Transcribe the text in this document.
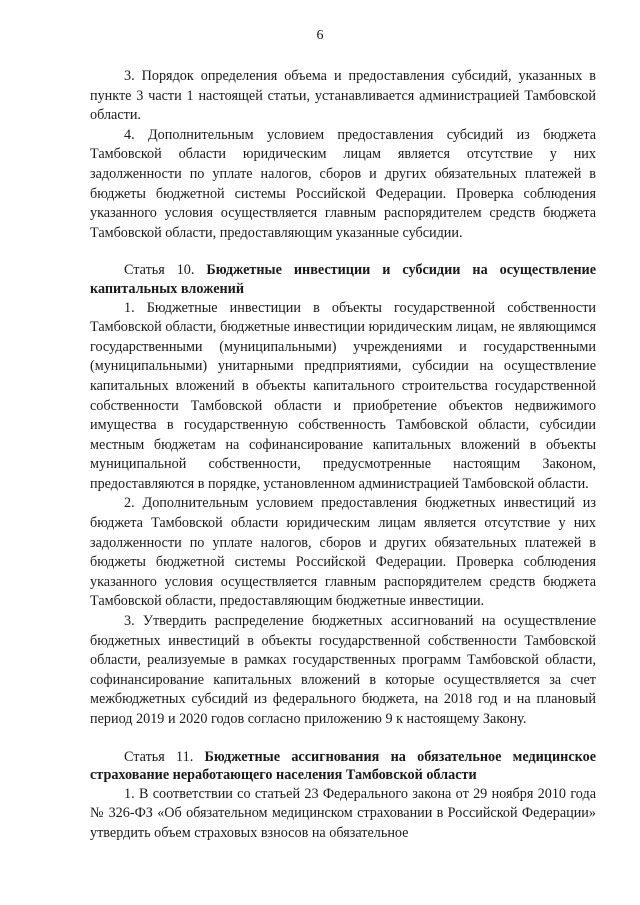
6

3. Порядок определения объема и предоставления субсидий, указанных в пункте 3 части 1 настоящей статьи, устанавливается администрацией Тамбовской области.

4. Дополнительным условием предоставления субсидий из бюджета Тамбовской области юридическим лицам является отсутствие у них задолженности по уплате налогов, сборов и других обязательных платежей в бюджеты бюджетной системы Российской Федерации. Проверка соблюдения указанного условия осуществляется главным распорядителем средств бюджета Тамбовской области, предоставляющим указанные субсидии.

Статья 10. Бюджетные инвестиции и субсидии на осуществление капитальных вложений

1. Бюджетные инвестиции в объекты государственной собственности Тамбовской области, бюджетные инвестиции юридическим лицам, не являющимся государственными (муниципальными) учреждениями и государственными (муниципальными) унитарными предприятиями, субсидии на осуществление капитальных вложений в объекты капитального строительства государственной собственности Тамбовской области и приобретение объектов недвижимого имущества в государственную собственность Тамбовской области, субсидии местным бюджетам на софинансирование капитальных вложений в объекты муниципальной собственности, предусмотренные настоящим Законом, предоставляются в порядке, установленном администрацией Тамбовской области.

2. Дополнительным условием предоставления бюджетных инвестиций из бюджета Тамбовской области юридическим лицам является отсутствие у них задолженности по уплате налогов, сборов и других обязательных платежей в бюджеты бюджетной системы Российской Федерации. Проверка соблюдения указанного условия осуществляется главным распорядителем средств бюджета Тамбовской области, предоставляющим бюджетные инвестиции.

3. Утвердить распределение бюджетных ассигнований на осуществление бюджетных инвестиций в объекты государственной собственности Тамбовской области, реализуемые в рамках государственных программ Тамбовской области, софинансирование капитальных вложений в которые осуществляется за счет межбюджетных субсидий из федерального бюджета, на 2018 год и на плановый период 2019 и 2020 годов согласно приложению 9 к настоящему Закону.

Статья 11. Бюджетные ассигнования на обязательное медицинское страхование неработающего населения Тамбовской области

1. В соответствии со статьей 23 Федерального закона от 29 ноября 2010 года № 326-ФЗ «Об обязательном медицинском страховании в Российской Федерации» утвердить объем страховых взносов на обязательное
